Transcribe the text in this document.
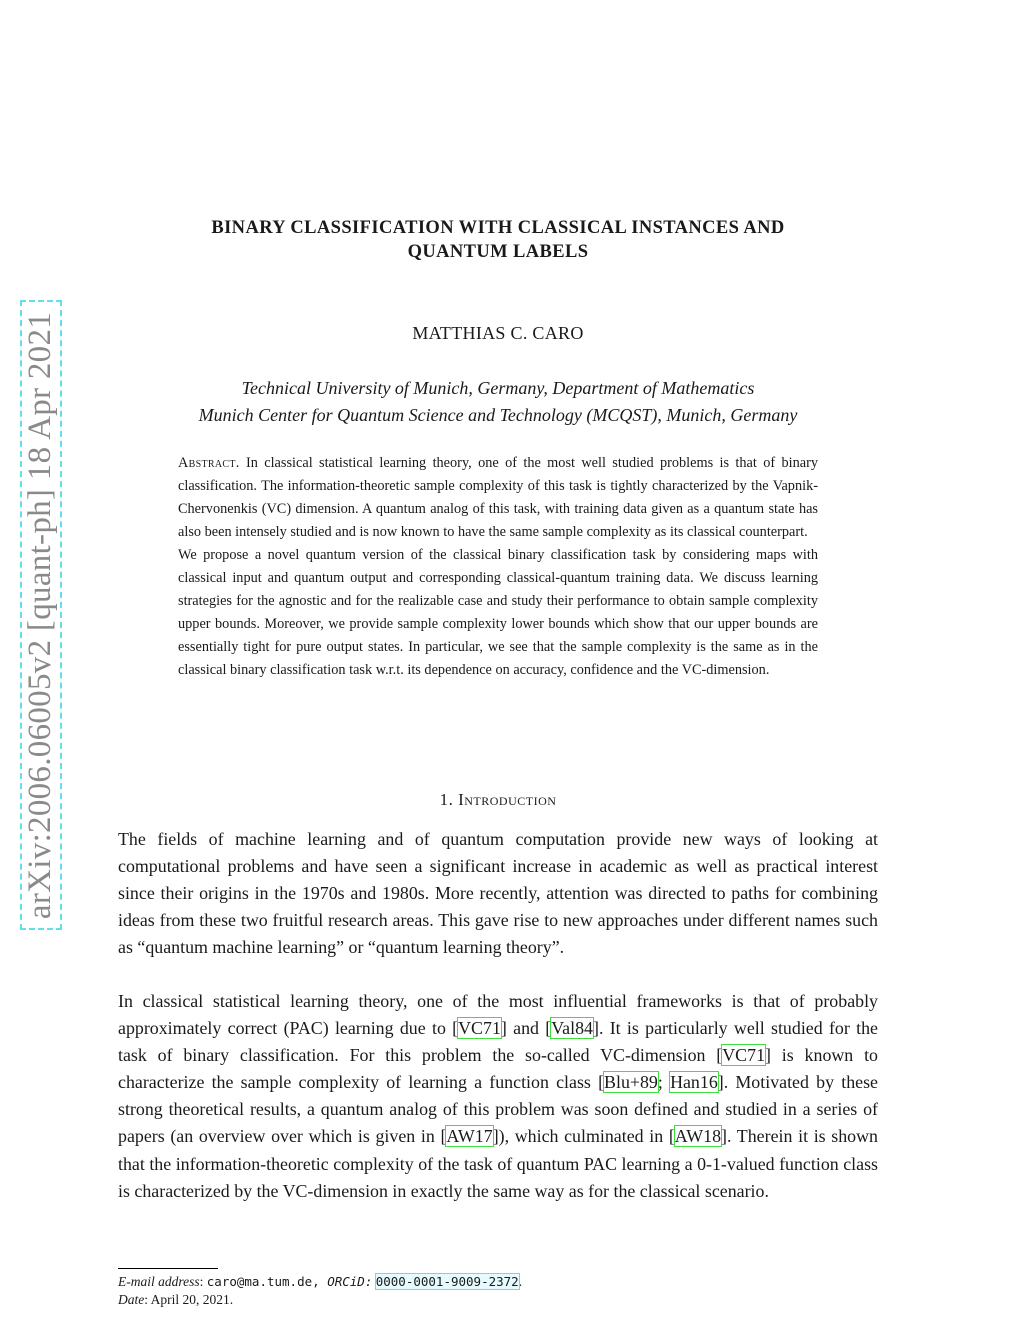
arXiv:2006.06005v2 [quant-ph] 18 Apr 2021
BINARY CLASSIFICATION WITH CLASSICAL INSTANCES AND
QUANTUM LABELS
MATTHIAS C. CARO
Technical University of Munich, Germany, Department of Mathematics
Munich Center for Quantum Science and Technology (MCQST), Munich, Germany

Abstract. In classical statistical learning theory, one of the most well studied problems is that of binary classification. The information-theoretic sample complexity of this task is tightly characterized by the Vapnik-Chervonenkis (VC) dimension. A quantum analog of this task, with training data given as a quantum state has also been intensely studied and is now known to have the same sample complexity as its classical counterpart.

We propose a novel quantum version of the classical binary classification task by considering maps with classical input and quantum output and corresponding classical-quantum training data. We discuss learning strategies for the agnostic and for the realizable case and study their performance to obtain sample complexity upper bounds. Moreover, we provide sample complexity lower bounds which show that our upper bounds are essentially tight for pure output states. In particular, we see that the sample complexity is the same as in the classical binary classification task w.r.t. its dependence on accuracy, confidence and the VC-dimension.

1. Introduction

The fields of machine learning and of quantum computation provide new ways of looking at computational problems and have seen a significant increase in academic as well as practical interest since their origins in the 1970s and 1980s. More recently, attention was directed to paths for combining ideas from these two fruitful research areas. This gave rise to new approaches under different names such as “quantum machine learning” or “quantum learning theory”.

In classical statistical learning theory, one of the most influential frameworks is that of probably approximately correct (PAC) learning due to [VC71] and [Val84]. It is particularly well studied for the task of binary classification. For this problem the so-called VC-dimension [VC71] is known to characterize the sample complexity of learning a function class [Blu+89; Han16]. Motivated by these strong theoretical results, a quantum analog of this problem was soon defined and studied in a series of papers (an overview over which is given in [AW17]), which culminated in [AW18]. Therein it is shown that the information-theoretic complexity of the task of quantum PAC learning a 0-1-valued function class is characterized by the VC-dimension in exactly the same way as for the classical scenario.

E-mail address: caro@ma.tum.de, ORCiD: 0000-0001-9009-2372.
Date: April 20, 2021.
